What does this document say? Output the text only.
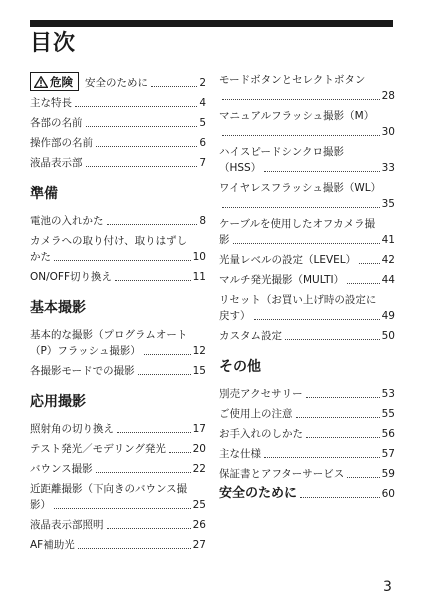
目次
危険 安全のために	2
主な特長	4
各部の名前	5
操作部の名前	6
液晶表示部	7
準備
電池の入れかた	8
カメラへの取り付け、取りはずし
かた	10
ON/OFF切り換え	11
基本撮影
基本的な撮影（プログラムオート
（P）フラッシュ撮影）	12
各撮影モードでの撮影	15
応用撮影
照射角の切り換え	17
テスト発光／モデリング発光	20
バウンス撮影	22
近距離撮影（下向きのバウンス撮
影）	25
液晶表示部照明	26
AF補助光	27
モードボタンとセレクトボタン
28
マニュアルフラッシュ撮影（M）
30
ハイスピードシンクロ撮影
（HSS）	33
ワイヤレスフラッシュ撮影（WL）
35
ケーブルを使用したオフカメラ撮
影	41
光量レベルの設定（LEVEL） 42
マルチ発光撮影（MULTI）	44
リセット（お買い上げ時の設定に
戻す）	49
カスタム設定	50
その他
別売アクセサリー	53
ご使用上の注意	55
お手入れのしかた	56
主な仕様	57
保証書とアフターサービス	59
安全のために	60
3
